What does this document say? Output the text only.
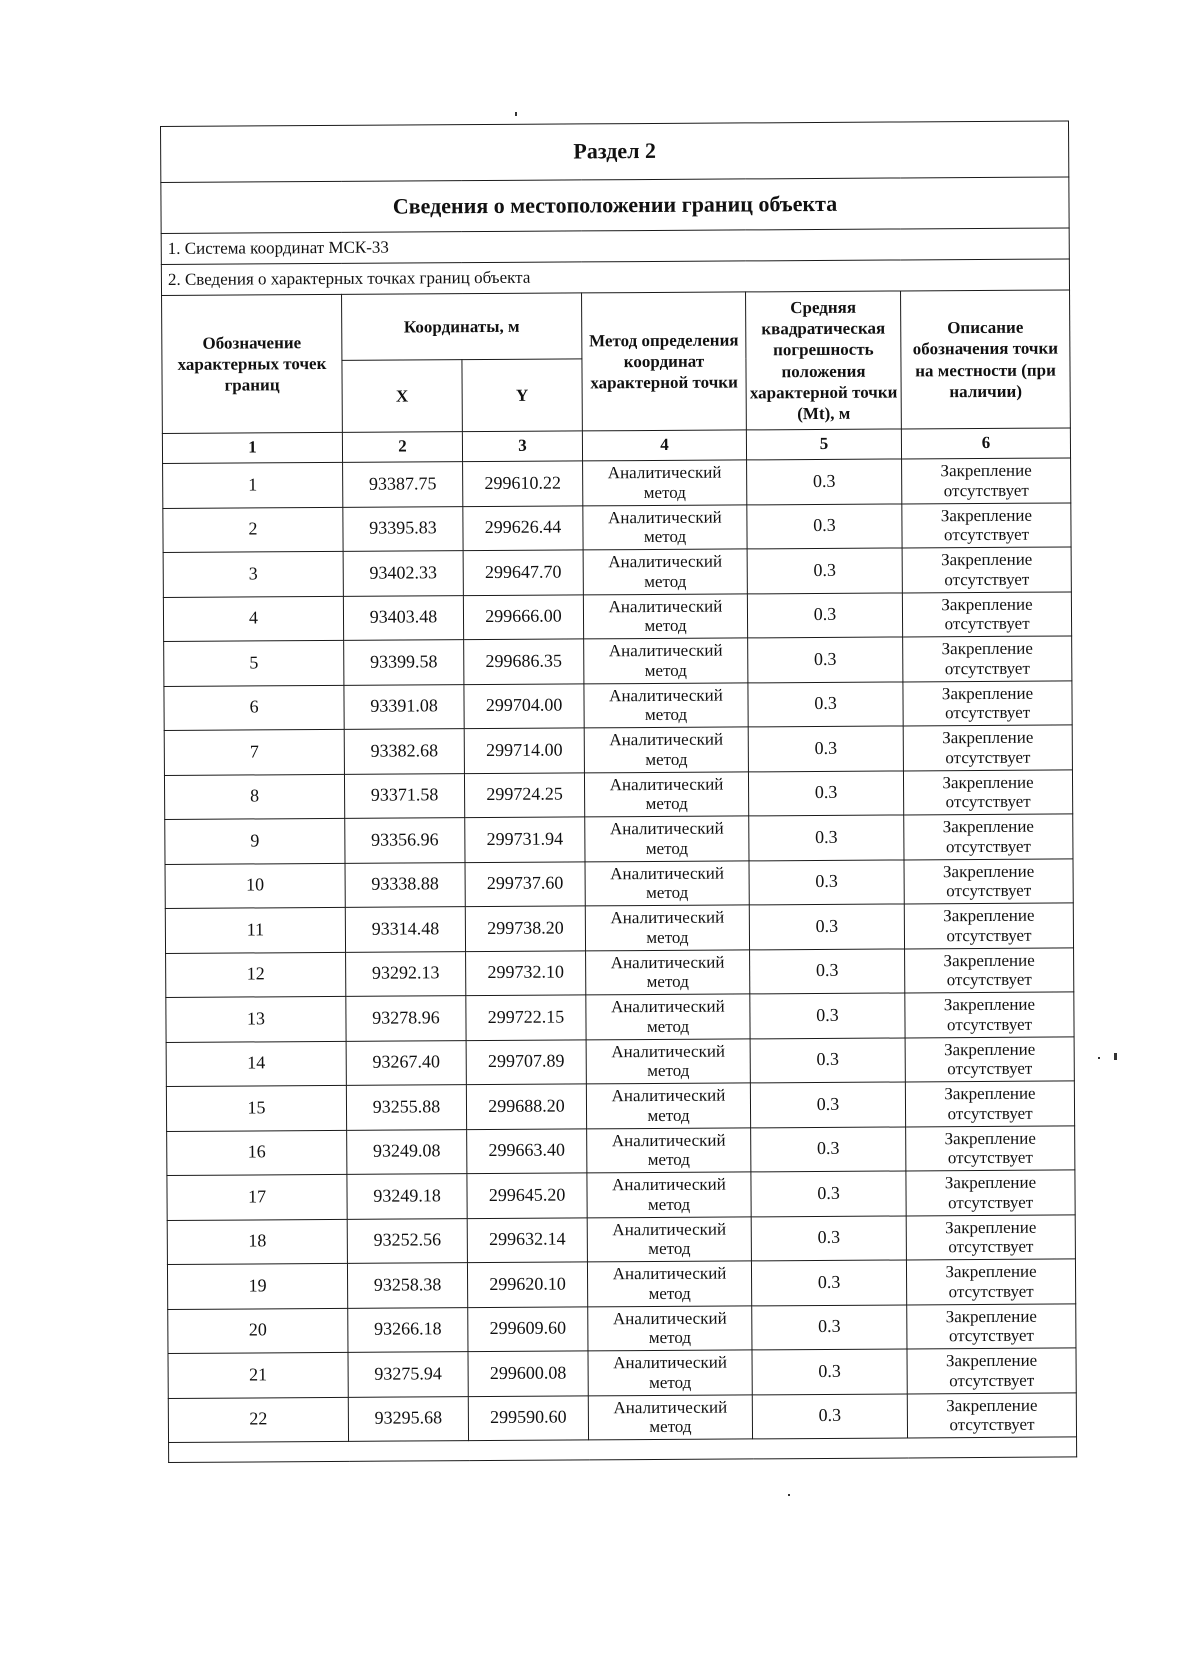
Раздел 2					
Сведения о местоположении границ объекта					
1. Система координат МСК-33					
2. Сведения о характерных точках границ объекта					
Обозначение характерных точек границ	Координаты, м		Метод определения координат характерной точки	Средняя квадратическая погрешность положения характерной точки (Mt), м	Описание обозначения точки на местности (при наличии)
	X	Y			
1	2	3	4	5	6
1	93387.75	299610.22	Аналитический метод	0.3	Закрепление отсутствует
2	93395.83	299626.44	Аналитический метод	0.3	Закрепление отсутствует
3	93402.33	299647.70	Аналитический метод	0.3	Закрепление отсутствует
4	93403.48	299666.00	Аналитический метод	0.3	Закрепление отсутствует
5	93399.58	299686.35	Аналитический метод	0.3	Закрепление отсутствует
6	93391.08	299704.00	Аналитический метод	0.3	Закрепление отсутствует
7	93382.68	299714.00	Аналитический метод	0.3	Закрепление отсутствует
8	93371.58	299724.25	Аналитический метод	0.3	Закрепление отсутствует
9	93356.96	299731.94	Аналитический метод	0.3	Закрепление отсутствует
10	93338.88	299737.60	Аналитический метод	0.3	Закрепление отсутствует
11	93314.48	299738.20	Аналитический метод	0.3	Закрепление отсутствует
12	93292.13	299732.10	Аналитический метод	0.3	Закрепление отсутствует
13	93278.96	299722.15	Аналитический метод	0.3	Закрепление отсутствует
14	93267.40	299707.89	Аналитический метод	0.3	Закрепление отсутствует
15	93255.88	299688.20	Аналитический метод	0.3	Закрепление отсутствует
16	93249.08	299663.40	Аналитический метод	0.3	Закрепление отсутствует
17	93249.18	299645.20	Аналитический метод	0.3	Закрепление отсутствует
18	93252.56	299632.14	Аналитический метод	0.3	Закрепление отсутствует
19	93258.38	299620.10	Аналитический метод	0.3	Закрепление отсутствует
20	93266.18	299609.60	Аналитический метод	0.3	Закрепление отсутствует
21	93275.94	299600.08	Аналитический метод	0.3	Закрепление отсутствует
22	93295.68	299590.60	Аналитический метод	0.3	Закрепление отсутствует
